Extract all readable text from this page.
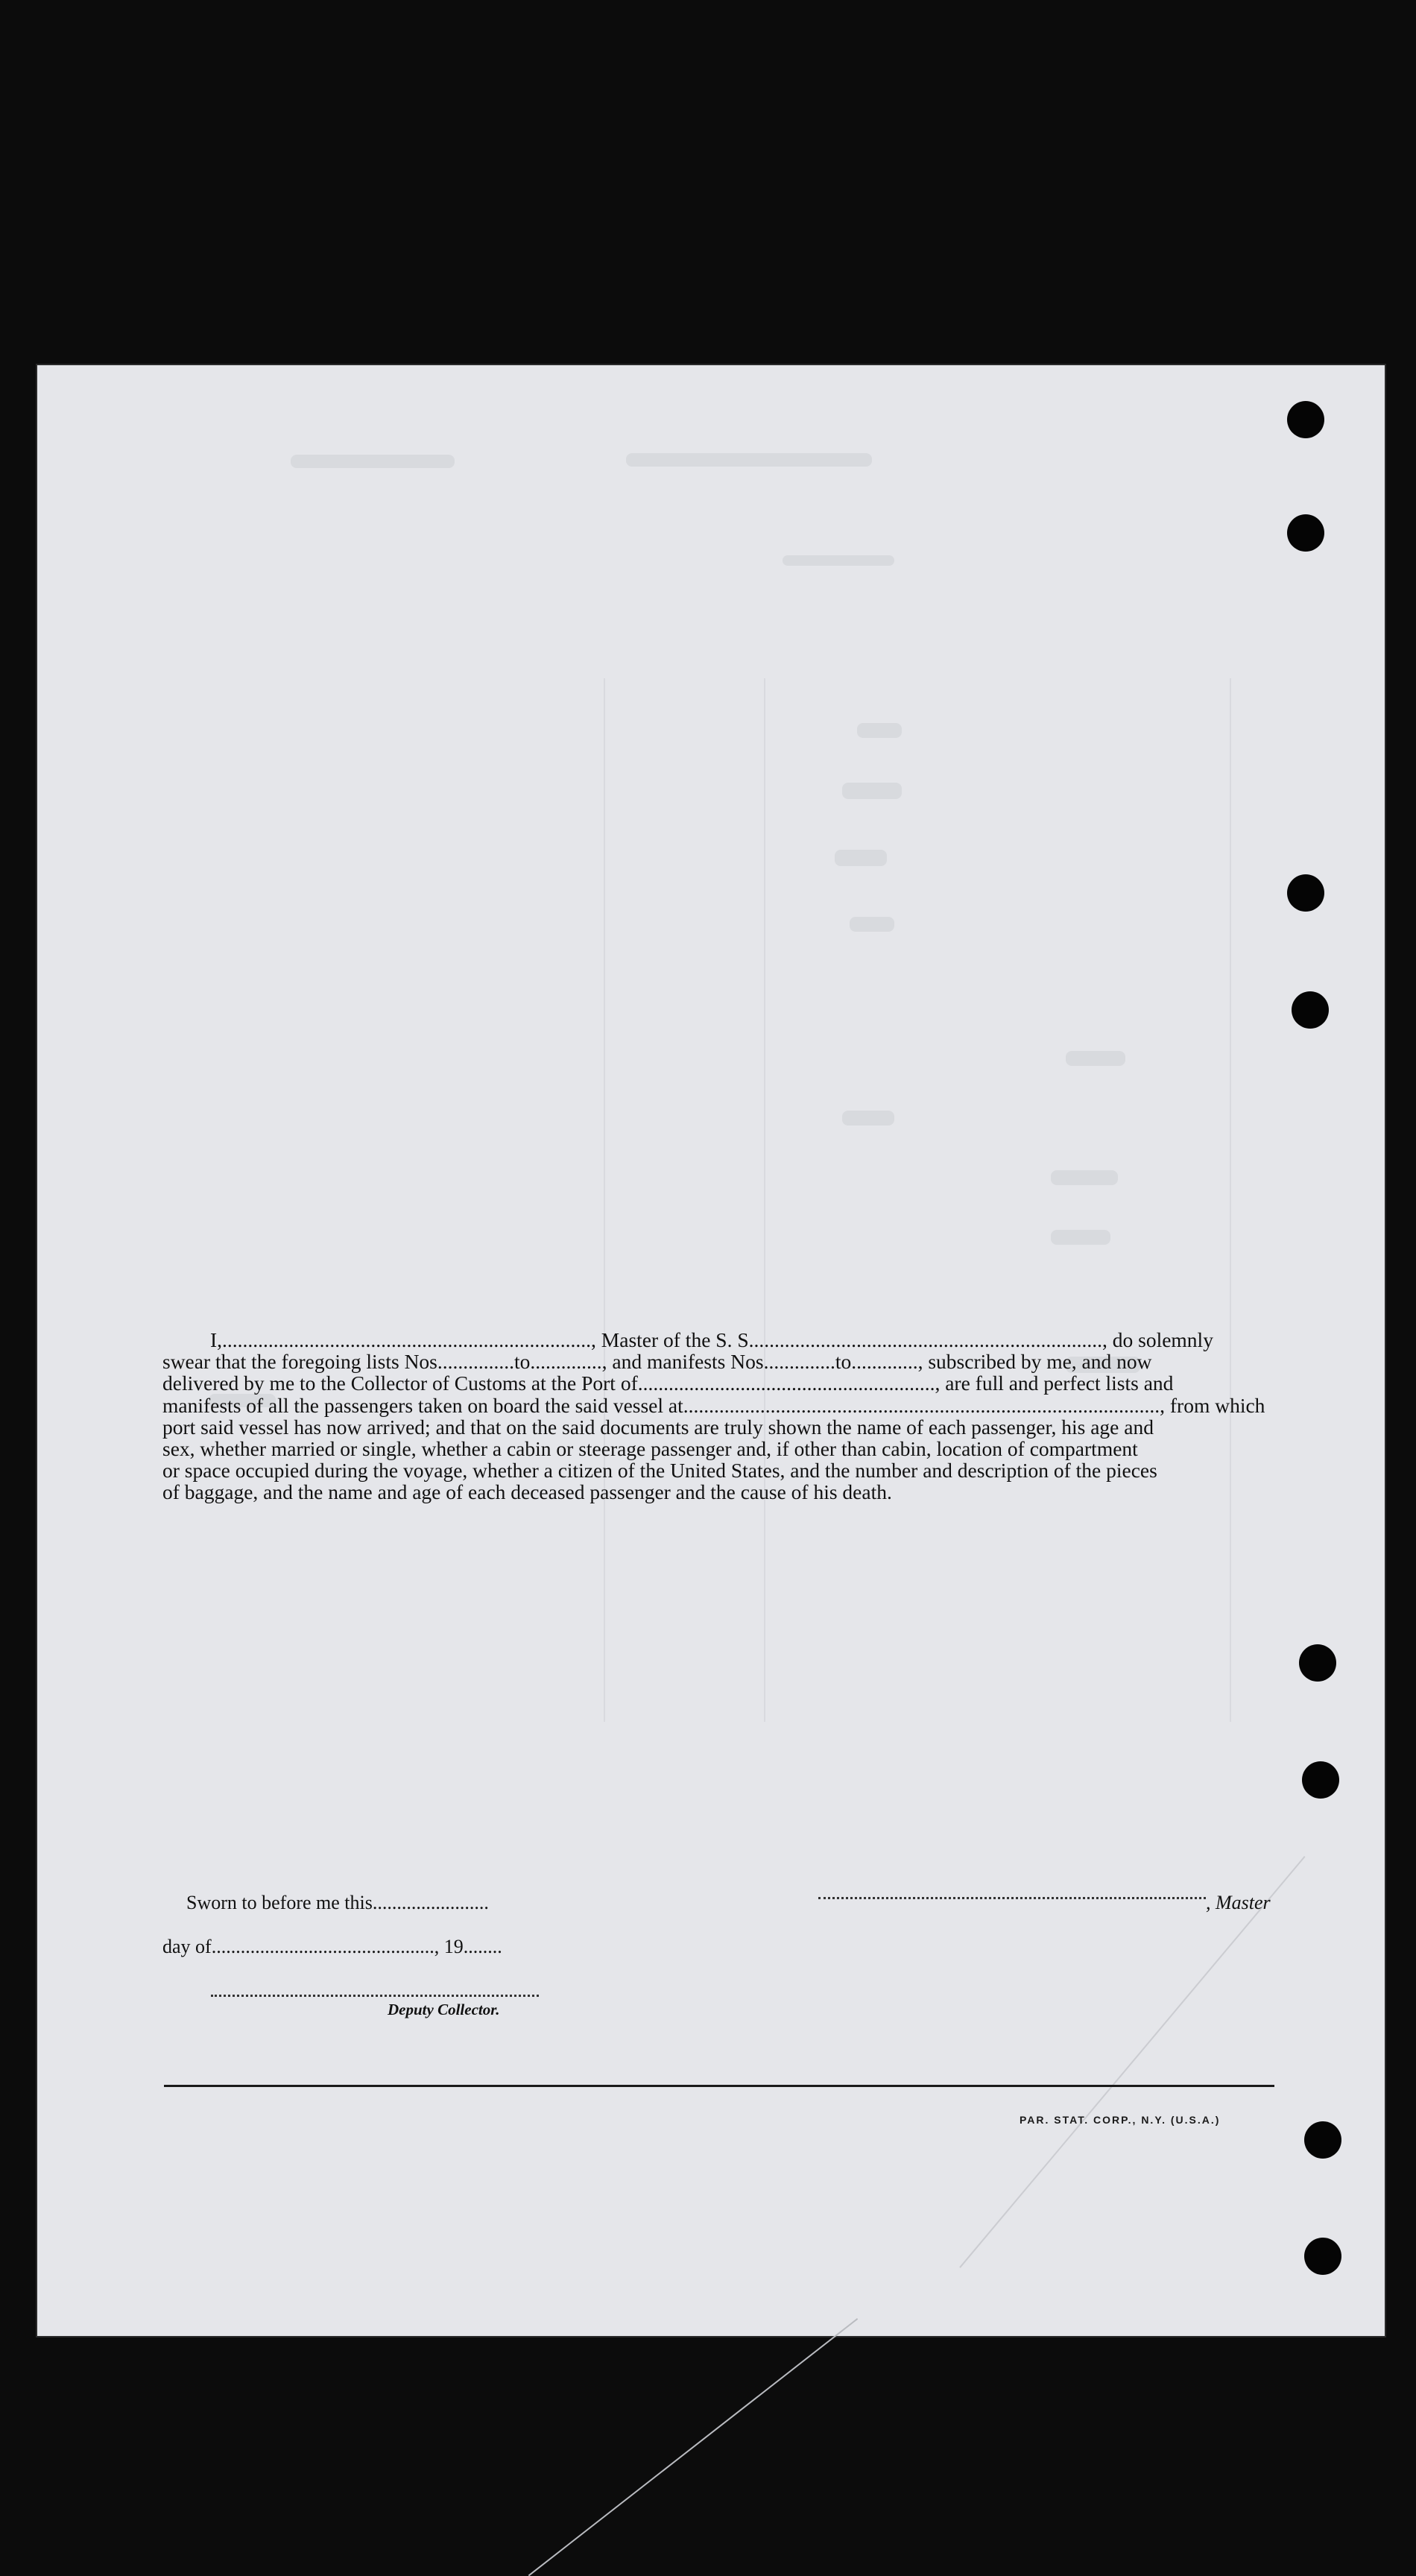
I,........................................................................, Master of the S. S....................................................................., do solemnly

swear that the foregoing lists Nos...............to.............., and manifests Nos..............to............., subscribed by me, and now

delivered by me to the Collector of Customs at the Port of.........................................................., are full and perfect lists and

manifests of all the passengers taken on board the said vessel at............................................................................................., from which

port said vessel has now arrived; and that on the said documents are truly shown the name of each passenger, his age and

sex, whether married or single, whether a cabin or steerage passenger and, if other than cabin, location of compartment

or space occupied during the voyage, whether a citizen of the United States, and the number and description of the pieces

of baggage, and the name and age of each deceased passenger and the cause of his death.

Sworn to before me this........................	, Master
day of.............................................., 19........
Deputy Collector.
PAR. STAT. CORP., N.Y. (U.S.A.)
